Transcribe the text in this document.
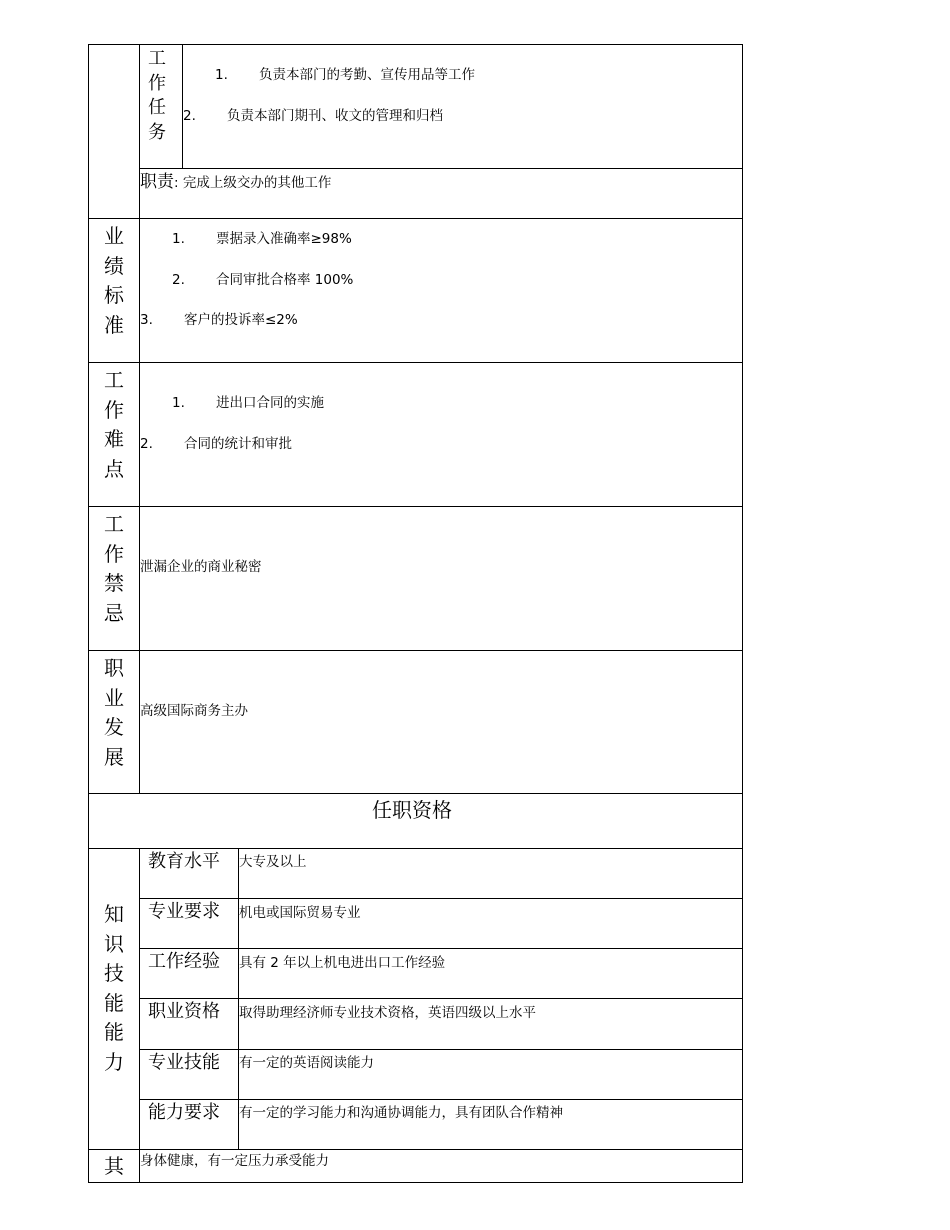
工作任务
1. 负责本部门的考勤、宣传用品等工作
2. 负责本部门期刊、收文的管理和归档
职责: 完成上级交办的其他工作
业绩标准
1. 票据录入准确率≥98%
2. 合同审批合格率 100%
3. 客户的投诉率≤2%
工作难点
1. 进出口合同的实施
2. 合同的统计和审批
工作禁忌
泄漏企业的商业秘密
职业发展
高级国际商务主办
任职资格
知识技能能力
教育水平 大专及以上
专业要求 机电或国际贸易专业
工作经验 具有 2 年以上机电进出口工作经验
职业资格 取得助理经济师专业技术资格，英语四级以上水平
专业技能 有一定的英语阅读能力
能力要求 有一定的学习能力和沟通协调能力，具有团队合作精神
其 身体健康，有一定压力承受能力
